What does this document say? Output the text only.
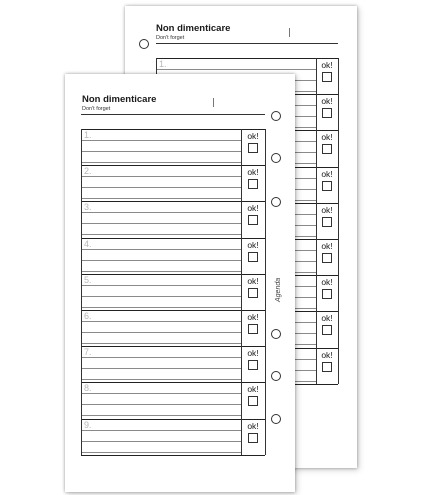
Non dimenticare
Don't forget
1.	ok!
ok!
ok!
ok!
ok!
ok!
ok!
ok!
ok!
Non dimenticare
Don't forget
Agenda
1.	ok!
2.	ok!
3.	ok!
4.	ok!
5.	ok!
6.	ok!
7.	ok!
8.	ok!
9.	ok!
